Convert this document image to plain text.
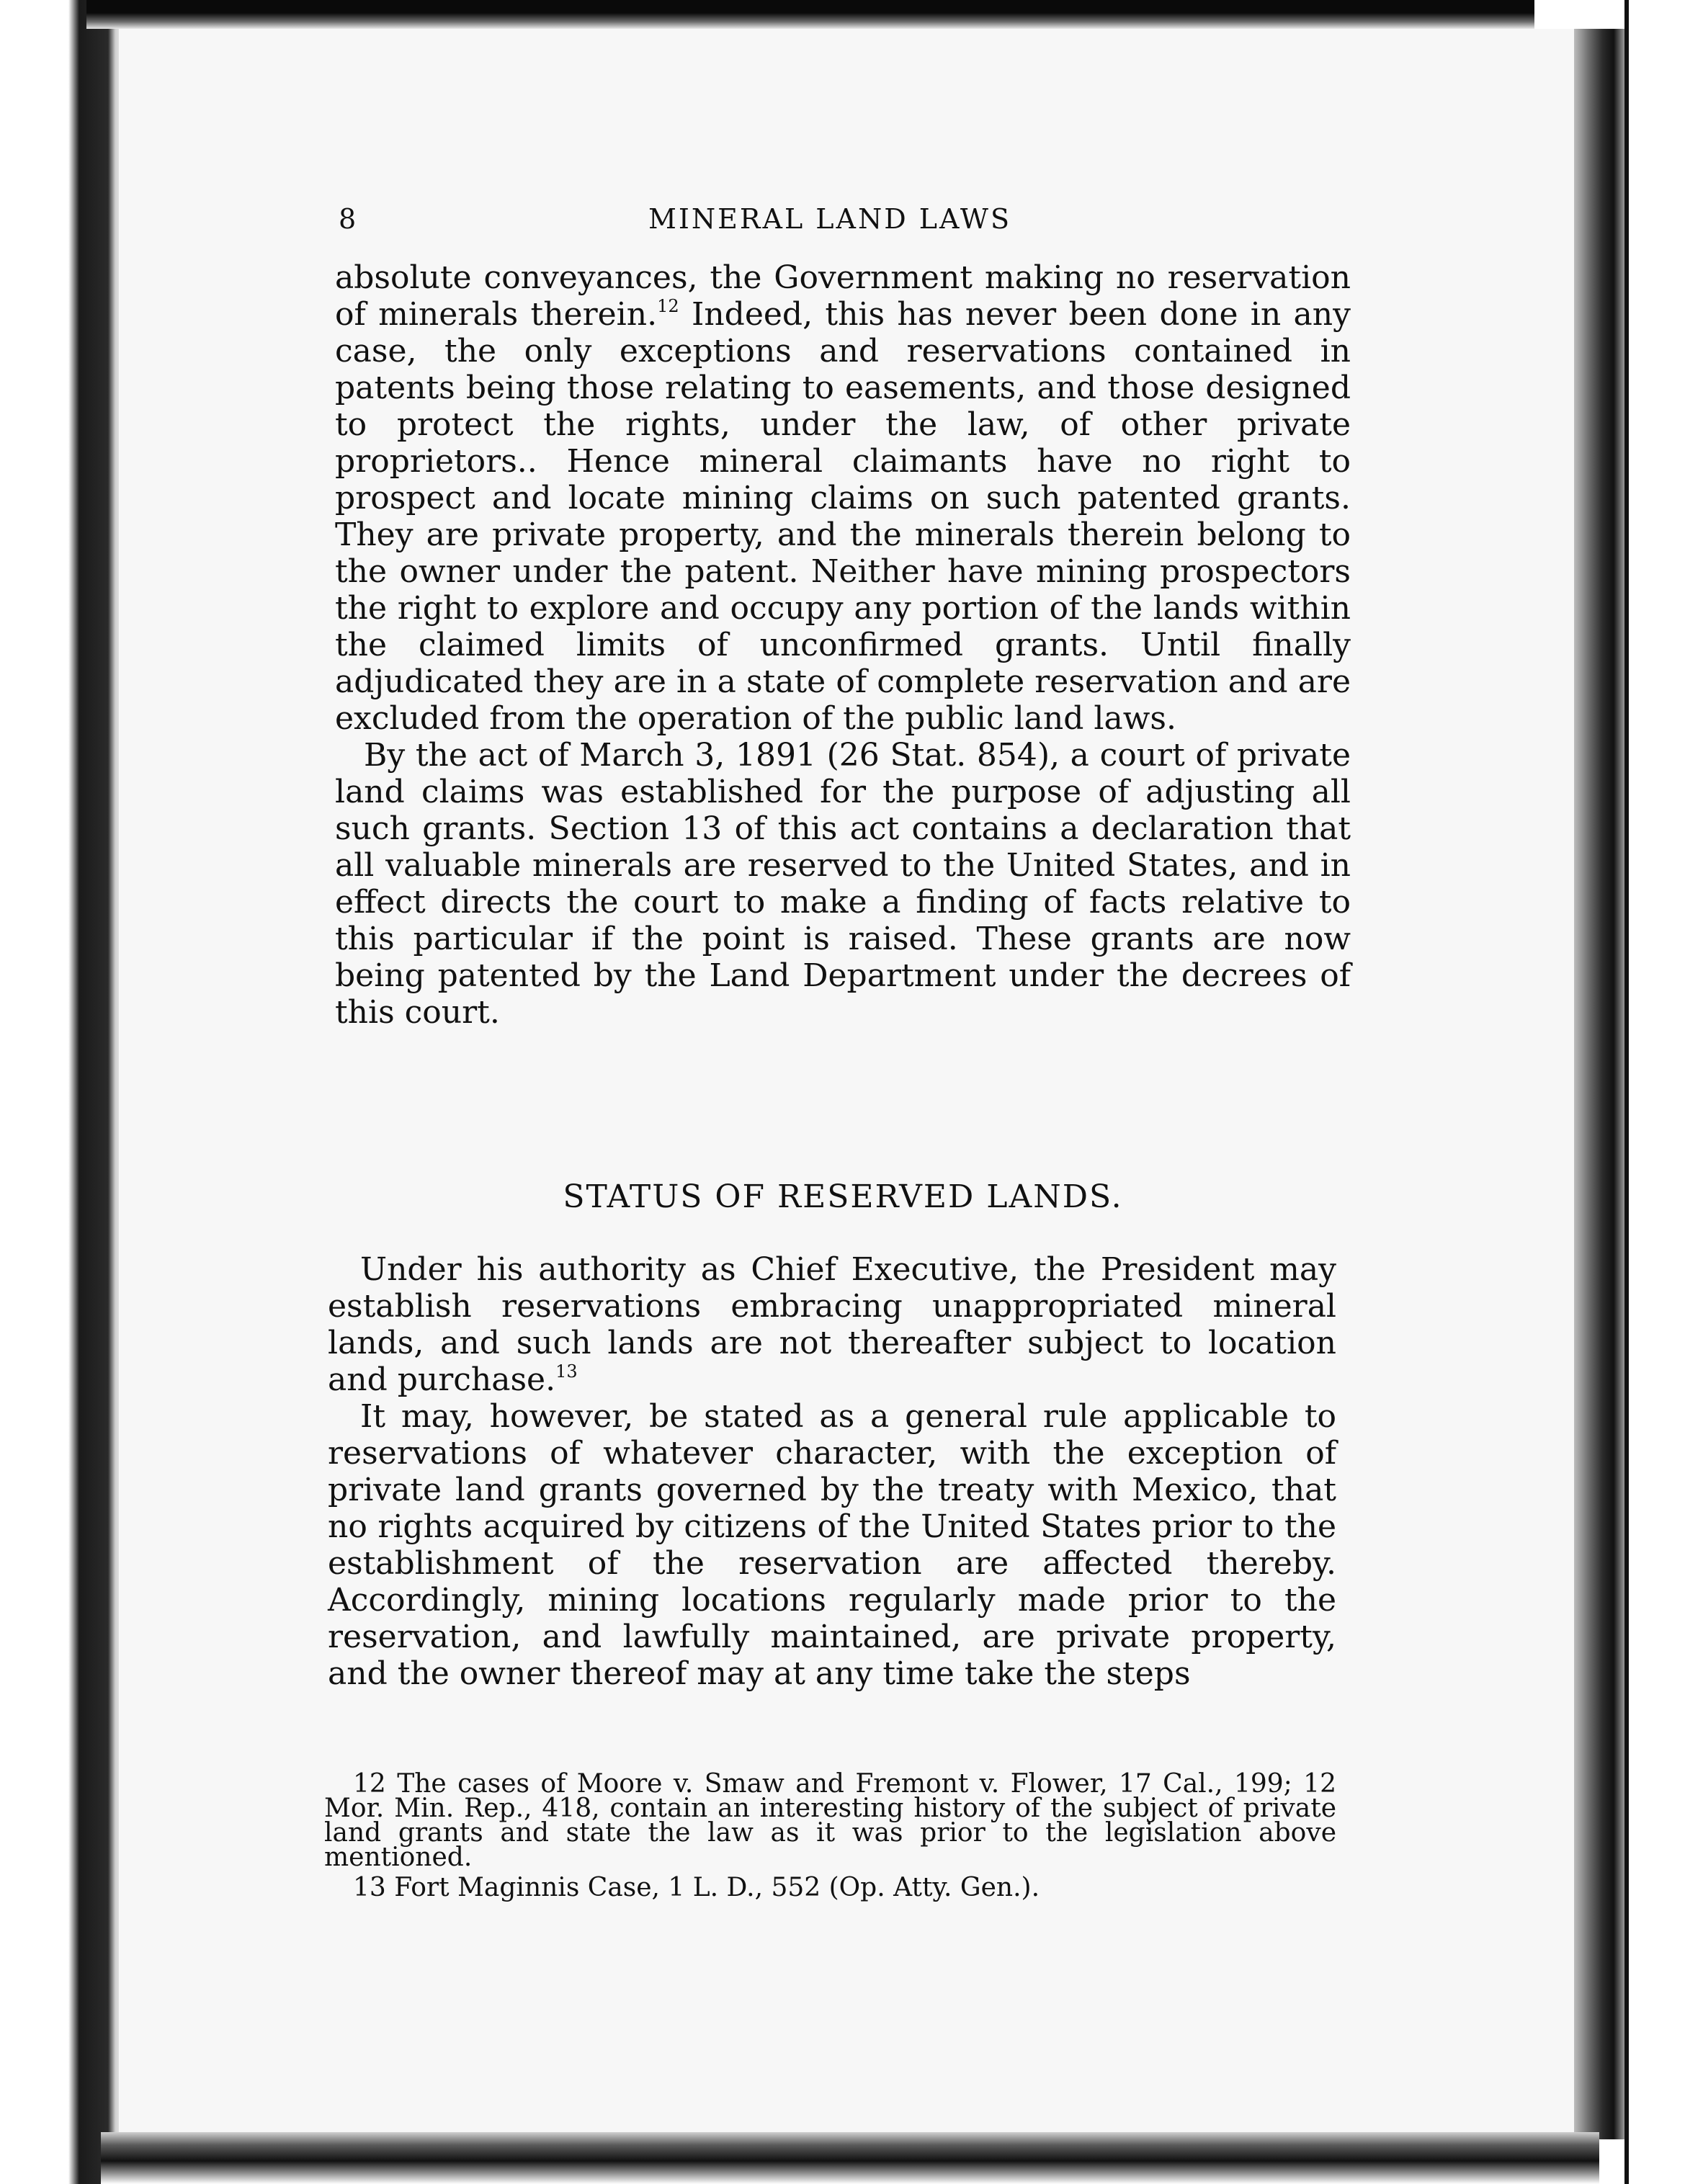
8	MINERAL LAND LAWS

absolute conveyances, the Government making no reservation of minerals therein.$^{12}$ Indeed, this has never been done in any case, the only exceptions and reservations contained in patents being those relating to easements, and those designed to protect the rights, under the law, of other private proprietors.. Hence mineral claimants have no right to prospect and locate mining claims on such patented grants. They are private property, and the minerals therein belong to the owner under the patent. Neither have mining prospectors the right to explore and occupy any portion of the lands within the claimed limits of unconfirmed grants. Until finally adjudicated they are in a state of complete reservation and are excluded from the operation of the public land laws.

By the act of March 3, 1891 (26 Stat. 854), a court of private land claims was established for the purpose of adjusting all such grants. Section 13 of this act contains a declaration that all valuable minerals are reserved to the United States, and in effect directs the court to make a finding of facts relative to this particular if the point is raised. These grants are now being patented by the Land Department under the decrees of this court.

STATUS OF RESERVED LANDS.

Under his authority as Chief Executive, the President may establish reservations embracing unappropriated mineral lands, and such lands are not thereafter subject to location and purchase.$^{13}$

It may, however, be stated as a general rule applicable to reservations of whatever character, with the exception of private land grants governed by the treaty with Mexico, that no rights acquired by citizens of the United States prior to the establishment of the reservation are affected thereby. Accordingly, mining locations regularly made prior to the reservation, and lawfully maintained, are private property, and the owner thereof may at any time take the steps

12 The cases of Moore v. Smaw and Fremont v. Flower, 17 Cal., 199; 12 Mor. Min. Rep., 418, contain an interesting history of the subject of private land grants and state the law as it was prior to the legislation above mentioned.

13 Fort Maginnis Case, 1 L. D., 552 (Op. Atty. Gen.).
